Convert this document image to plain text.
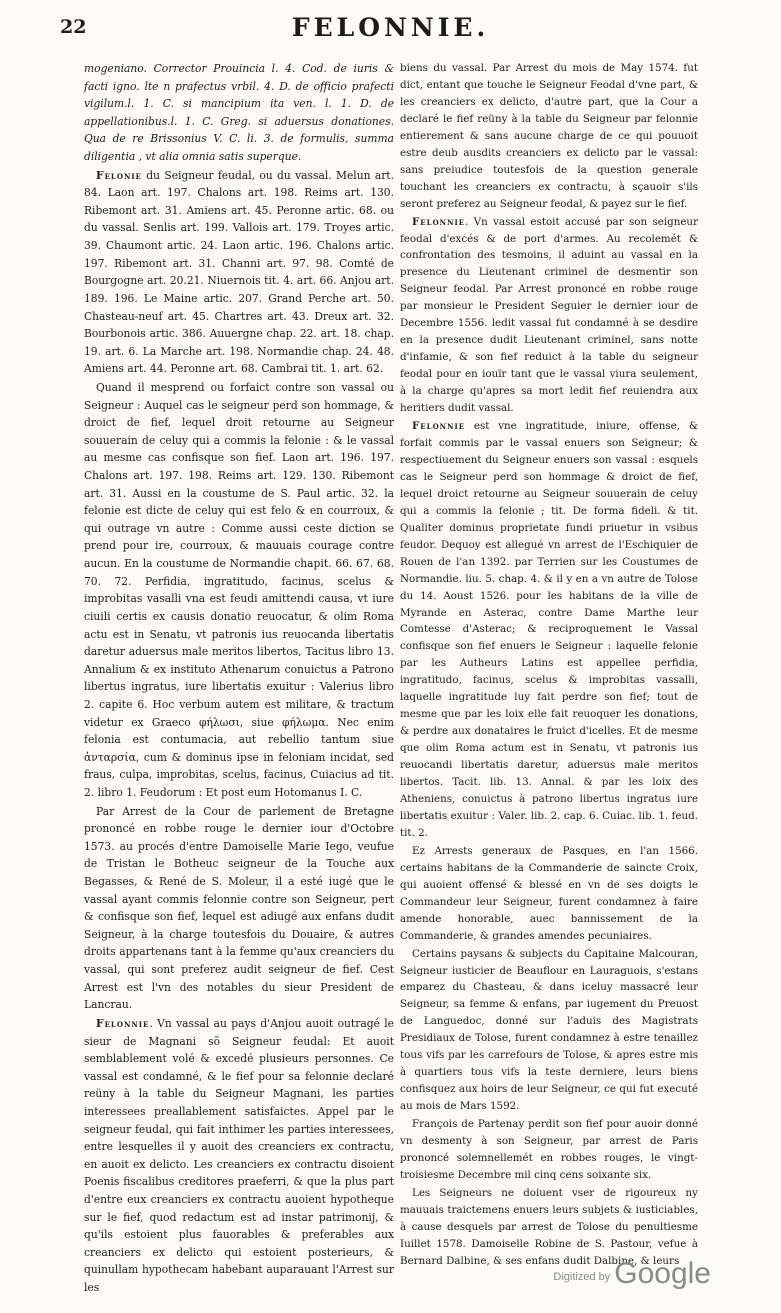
22	FELONNIE.

mogeniano. Corrector Prouincia l. 4. Cod. de iuris & facti igno. lte n prafectus vrbil. 4. D. de officio prafecti vigilum.l. 1. C. si mancipium ita ven. l. 1. D. de appellationibus.l. 1. C. Greg. si aduersus donationes. Qua de re Brissonius V. C. li. 3. de formulis, summa diligentia , vt alia omnia satis superque.

Felonie du Seigneur feudal, ou du vassal. Melun art. 84. Laon art. 197. Chalons art. 198. Reims art. 130. Ribemont art. 31. Amiens art. 45. Peronne artic. 68. ou du vassal. Senlis art. 199. Vallois art. 179. Troyes artic. 39. Chaumont artic. 24. Laon artic. 196. Chalons artic. 197. Ribemont art. 31. Channi art. 97. 98. Comté de Bourgogne art. 20.21. Niuernois tit. 4. art. 66. Anjou art. 189. 196. Le Maine artic. 207. Grand Perche art. 50. Chasteau-neuf art. 45. Chartres art. 43. Dreux art. 32. Bourbonois artic. 386. Auuergne chap. 22. art. 18. chap. 19. art. 6. La Marche art. 198. Normandie chap. 24. 48. Amiens art. 44. Peronne art. 68. Cambrai tit. 1. art. 62.

Quand il mesprend ou forfaict contre son vassal ou Seigneur : Auquel cas le seigneur perd son hommage, & droict de fief, lequel droit retourne au Seigneur souuerain de celuy qui a commis la felonie : & le vassal au mesme cas confisque son fief. Laon art. 196. 197. Chalons art. 197. 198. Reims art. 129. 130. Ribemont art. 31. Aussi en la coustume de S. Paul artic. 32. la felonie est dicte de celuy qui est felo & en courroux, & qui outrage vn autre : Comme aussi ceste diction se prend pour ire, courroux, & mauuais courage contre aucun. En la coustume de Normandie chapit. 66. 67. 68. 70. 72. Perfidia, ingratitudo, facinus, scelus & improbitas vasalli vna est feudi amittendi causa, vt iure ciuili certis ex causis donatio reuocatur, & olim Roma actu est in Senatu, vt patronis ius reuocanda libertatis daretur aduersus male meritos libertos, Tacitus libro 13. Annalium & ex instituto Athenarum conuictus a Patrono libertus ingratus, iure libertatis exuitur : Valerius libro 2. capite 6. Hoc verbum autem est militare, & tractum videtur ex Graeco φήλωσι, siue φήλωμα. Nec enim felonia est contumacia, aut rebellio tantum siue ἀνταρσία, cum & dominus ipse in feloniam incidat, sed fraus, culpa, improbitas, scelus, facinus, Cuiacius ad tit. 2. libro 1. Feudorum : Et post eum Hotomanus I. C.

Par Arrest de la Cour de parlement de Bretagne prononcé en robbe rouge le dernier iour d'Octobre 1573. au procés d'entre Damoiselle Marie Iego, veufue de Tristan le Botheuc seigneur de la Touche aux Begasses, & René de S. Moleur, il a esté iugé que le vassal ayant commis felonnie contre son Seigneur, pert & confisque son fief, lequel est adiugé aux enfans dudit Seigneur, à la charge toutesfois du Douaire, & autres droits appartenans tant à la femme qu'aux creanciers du vassal, qui sont preferez audit seigneur de fief. Cest Arrest est l'vn des notables du sieur President de Lancrau.

Felonnie. Vn vassal au pays d'Anjou auoit outragé le sieur de Magnani sõ Seigneur feudal: Et auoit semblablement volé & excedé plusieurs personnes. Ce vassal est condamné, & le fief pour sa felonnie declaré reüny à la table du Seigneur Magnani, les parties interessees preallablement satisfaictes. Appel par le seigneur feudal, qui fait inthimer les parties interessees, entre lesquelles il y auoit des creanciers ex contractu, en auoit ex delicto. Les creanciers ex contractu disoient Poenis fiscalibus creditores praeferri, & que la plus part d'entre eux creanciers ex contractu auoient hypotheque sur le fief, quod redactum est ad instar patrimonij, & qu'ils estoient plus fauorables & preferables aux creanciers ex delicto qui estoient posterieurs, & quinullam hypothecam habebant auparauant l'Arrest sur les

biens du vassal. Par Arrest du mois de May 1574. fut dict, entant que touche le Seigneur Feodal d'vne part, & les creanciers ex delicto, d'autre part, que la Cour a declaré le fief reüny à la table du Seigneur par felonnie entierement & sans aucune charge de ce qui pouuoit estre deub ausdits creanciers ex delicto par le vassal: sans preiudice toutesfois de la question generale touchant les creanciers ex contractu, à sçauoir s'ils seront preferez au Seigneur feodal, & payez sur le fief.

Felonnie. Vn vassal estoit accusé par son seigneur feodal d'excés & de port d'armes. Au recolemét & confrontation des tesmoins, il aduint au vassal en la presence du Lieutenant criminel de desmentir son Seigneur feodal. Par Arrest prononcé en robbe rouge par monsieur le President Seguier le dernier iour de Decembre 1556. ledit vassal fut condamné à se desdire en la presence dudit Lieutenant criminel, sans notte d'infamie, & son fief reduict à la table du seigneur feodal pour en iouïr tant que le vassal viura seulement, à la charge qu'apres sa mort ledit fief reuiendra aux heritiers dudit vassal.

Felonnie est vne ingratitude, iniure, offense, & forfait commis par le vassal enuers son Seigneur; & respectiuement du Seigneur enuers son vassal : esquels cas le Seigneur perd son hommage & droict de fief, lequel droict retourne au Seigneur souuerain de celuy qui a commis la felonie ; tit. De forma fideli. & tit. Qualiter dominus proprietate fundi priuetur in vsibus feudor. Dequoy est allegué vn arrest de l'Eschiquier de Rouen de l'an 1392. par Terrien sur les Coustumes de Normandie. liu. 5. chap. 4. & il y en a vn autre de Tolose du 14. Aoust 1526. pour les habitans de la ville de Myrande en Asterac, contre Dame Marthe leur Comtesse d'Asterac; & reciproquement le Vassal confisque son fief enuers le Seigneur : laquelle felonie par les Autheurs Latins est appellee perfidia, ingratitudo, facinus, scelus & improbitas vassalli, laquelle ingratitude luy fait perdre son fief; tout de mesme que par les loix elle fait reuoquer les donations, & perdre aux donataires le fruict d'icelles. Et de mesme que olim Roma actum est in Senatu, vt patronis ius reuocandi libertatis daretur, aduersus male meritos libertos. Tacit. lib. 13. Annal. & par les loix des Atheniens, conuictus à patrono libertus ingratus iure libertatis exuitur : Valer. lib. 2. cap. 6. Cuiac. lib. 1. feud. tit. 2.

Ez Arrests generaux de Pasques, en l'an 1566. certains habitans de la Commanderie de saincte Croix, qui auoient offensé & blessé en vn de ses doigts le Commandeur leur Seigneur, furent condamnez à faire amende honorable, auec bannissement de la Commanderie, & grandes amendes pecuniaires.

Certains paysans & subjects du Capitaine Malcouran, Seigneur iusticier de Beauflour en Lauraguois, s'estans emparez du Chasteau, & dans iceluy massacré leur Seigneur, sa femme & enfans, par iugement du Preuost de Languedoc, donné sur l'aduis des Magistrats Presidiaux de Tolose, furent condamnez à estre tenaillez tous vifs par les carrefours de Tolose, & apres estre mis à quartiers tous vifs la teste derniere, leurs biens confisquez aux hoirs de leur Seigneur, ce qui fut executé au mois de Mars 1592.

François de Partenay perdit son fief pour auoir donné vn desmenty à son Seigneur, par arrest de Paris prononcé solemnellemét en robbes rouges, le vingt-troisiesme Decembre mil cinq cens soixante six.

Les Seigneurs ne doiuent vser de rigoureux ny mauuais traictemens enuers leurs subjets & iusticiables, à cause desquels par arrest de Tolose du penultiesme Iuillet 1578. Damoiselle Robine de S. Pastour, vefue à Bernard Dalbine, & ses enfans dudit Dalbine, & leurs

Digitized by Google
